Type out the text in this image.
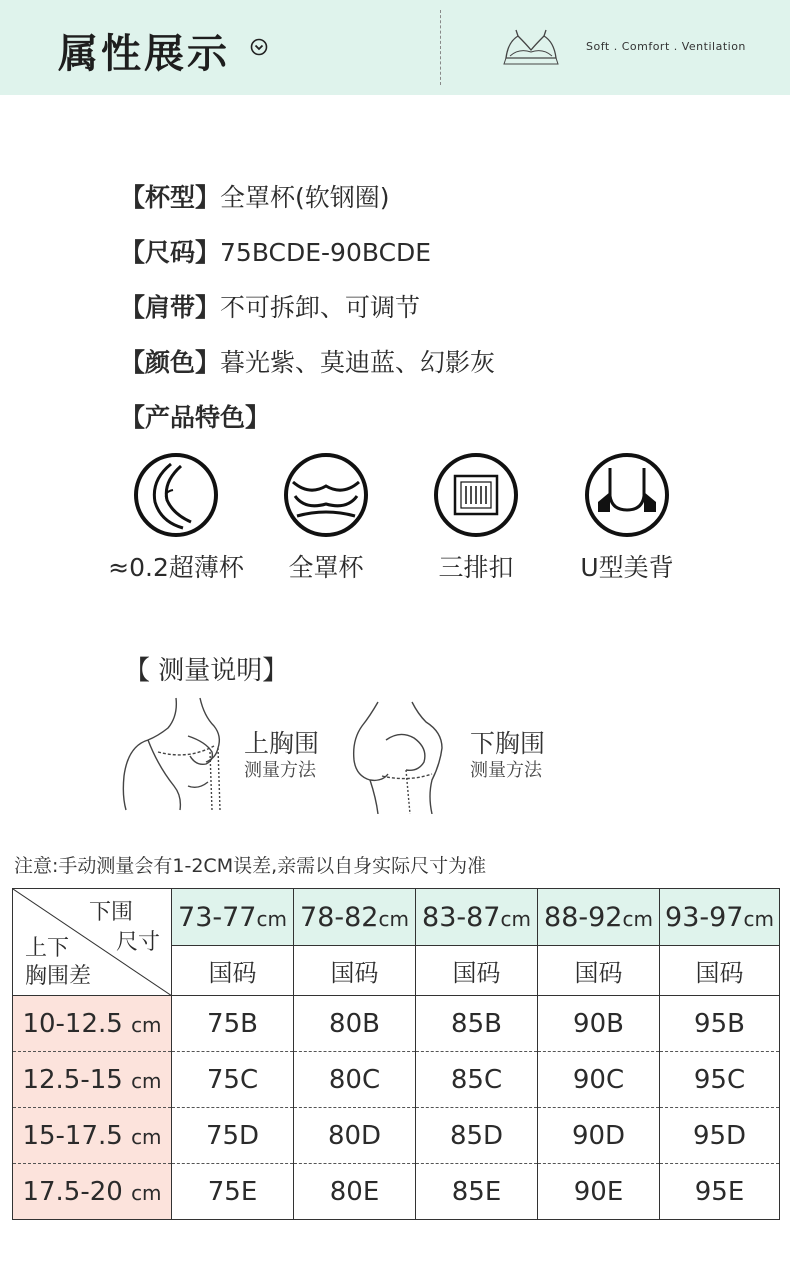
属性展示	Soft . Comfort . Ventilation
【杯型】全罩杯(软钢圈)
【尺码】75BCDE-90BCDE
【肩带】不可拆卸、可调节
【颜色】暮光紫、莫迪蓝、幻影灰
【产品特色】
≈0.2超薄杯	全罩杯	三排扣	U型美背
【 测量说明】
上胸围
测量方法
下胸围
测量方法
注意:手动测量会有1-2CM误差,亲需以自身实际尺寸为准
下围
尺寸
上下
胸围差	73-77cm	78-82cm	83-87cm	88-92cm	93-97cm
	国码	国码	国码	国码	国码
10-12.5 cm	75B	80B	85B	90B	95B
12.5-15 cm	75C	80C	85C	90C	95C
15-17.5 cm	75D	80D	85D	90D	95D
17.5-20 cm	75E	80E	85E	90E	95E
